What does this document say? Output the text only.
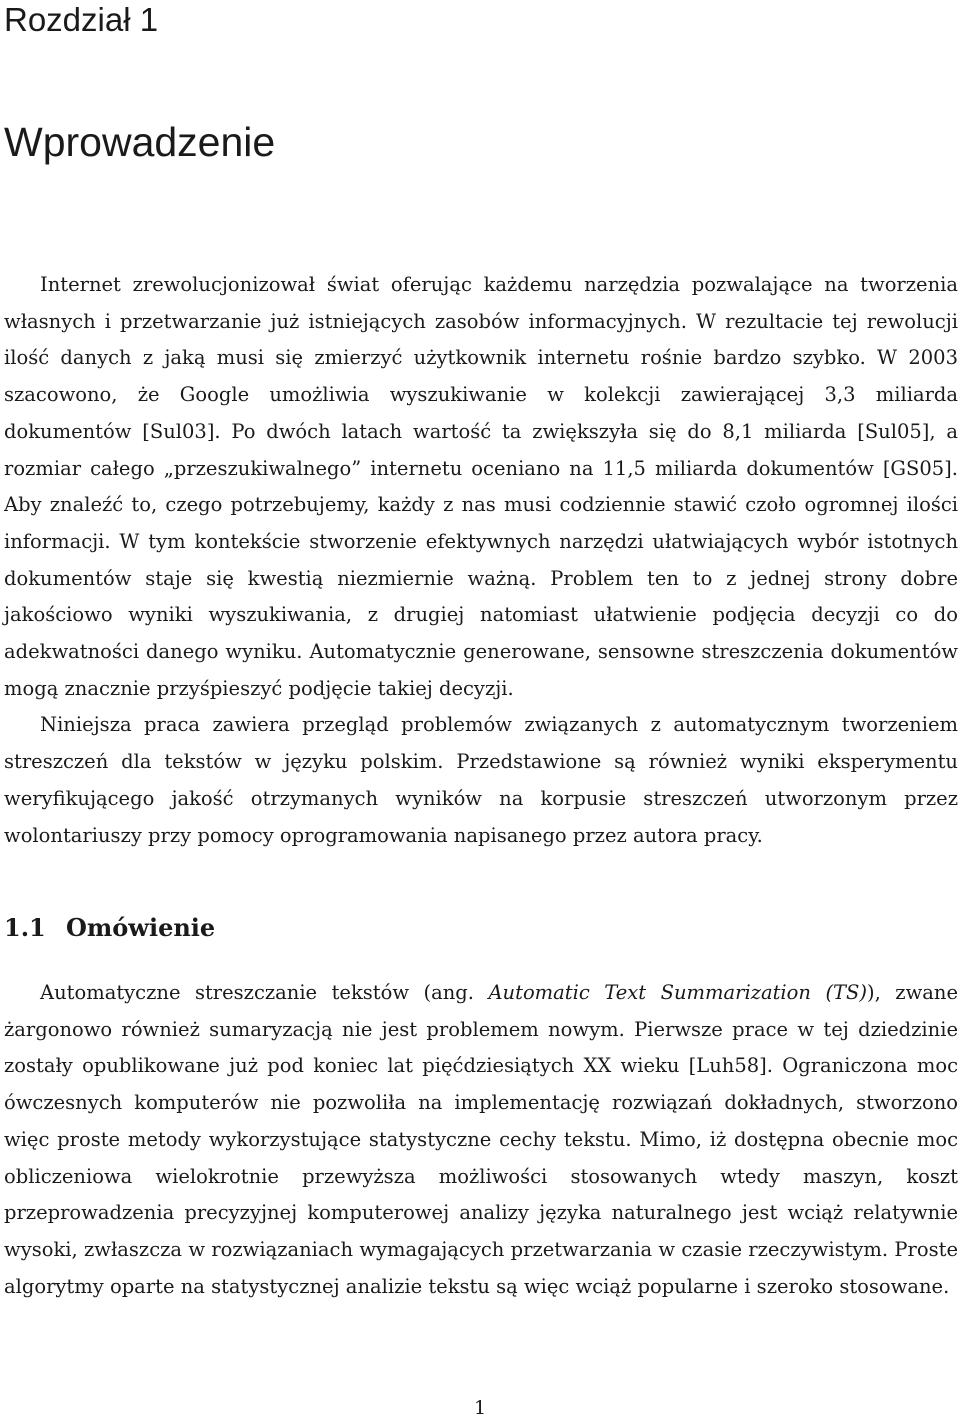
Rozdział 1
Wprowadzenie

Internet zrewolucjonizował świat oferując każdemu narzędzia pozwalające na tworzenia własnych i przetwarzanie już istniejących zasobów informacyjnych. W rezultacie tej rewolucji ilość danych z jaką musi się zmierzyć użytkownik internetu rośnie bardzo szybko. W 2003 szacowono, że Google umożliwia wyszukiwanie w kolekcji zawierającej 3,3 miliarda dokumentów [Sul03]. Po dwóch latach wartość ta zwiększyła się do 8,1 miliarda [Sul05], a rozmiar całego „przeszukiwalnego” internetu oceniano na 11,5 miliarda dokumentów [GS05]. Aby znaleźć to, czego potrzebujemy, każdy z nas musi codziennie stawić czoło ogromnej ilości informacji. W tym kontekście stworzenie efektywnych narzędzi ułatwiających wybór istotnych dokumentów staje się kwestią niezmiernie ważną. Problem ten to z jednej strony dobre jakościowo wyniki wyszukiwania, z drugiej natomiast ułatwienie podjęcia decyzji co do adekwatności danego wyniku. Automatycznie generowane, sensowne streszczenia dokumentów mogą znacznie przyśpieszyć podjęcie takiej decyzji.

Niniejsza praca zawiera przegląd problemów związanych z automatycznym tworzeniem streszczeń dla tekstów w języku polskim. Przedstawione są również wyniki eksperymentu weryfikującego jakość otrzymanych wyników na korpusie streszczeń utworzonym przez wolontariuszy przy pomocy oprogramowania napisanego przez autora pracy.

1.1 Omówienie

Automatyczne streszczanie tekstów (ang. Automatic Text Summarization (TS)), zwane żargonowo również sumaryzacją nie jest problemem nowym. Pierwsze prace w tej dziedzinie zostały opublikowane już pod koniec lat pięćdziesiątych XX wieku [Luh58]. Ograniczona moc ówczesnych komputerów nie pozwoliła na implementację rozwiązań dokładnych, stworzono więc proste metody wykorzystujące statystyczne cechy tekstu. Mimo, iż dostępna obecnie moc obliczeniowa wielokrotnie przewyższa możliwości stosowanych wtedy maszyn, koszt przeprowadzenia precyzyjnej komputerowej analizy języka naturalnego jest wciąż relatywnie wysoki, zwłaszcza w rozwiązaniach wymagających przetwarzania w czasie rzeczywistym. Proste algorytmy oparte na statystycznej analizie tekstu są więc wciąż popularne i szeroko stosowane.

1
